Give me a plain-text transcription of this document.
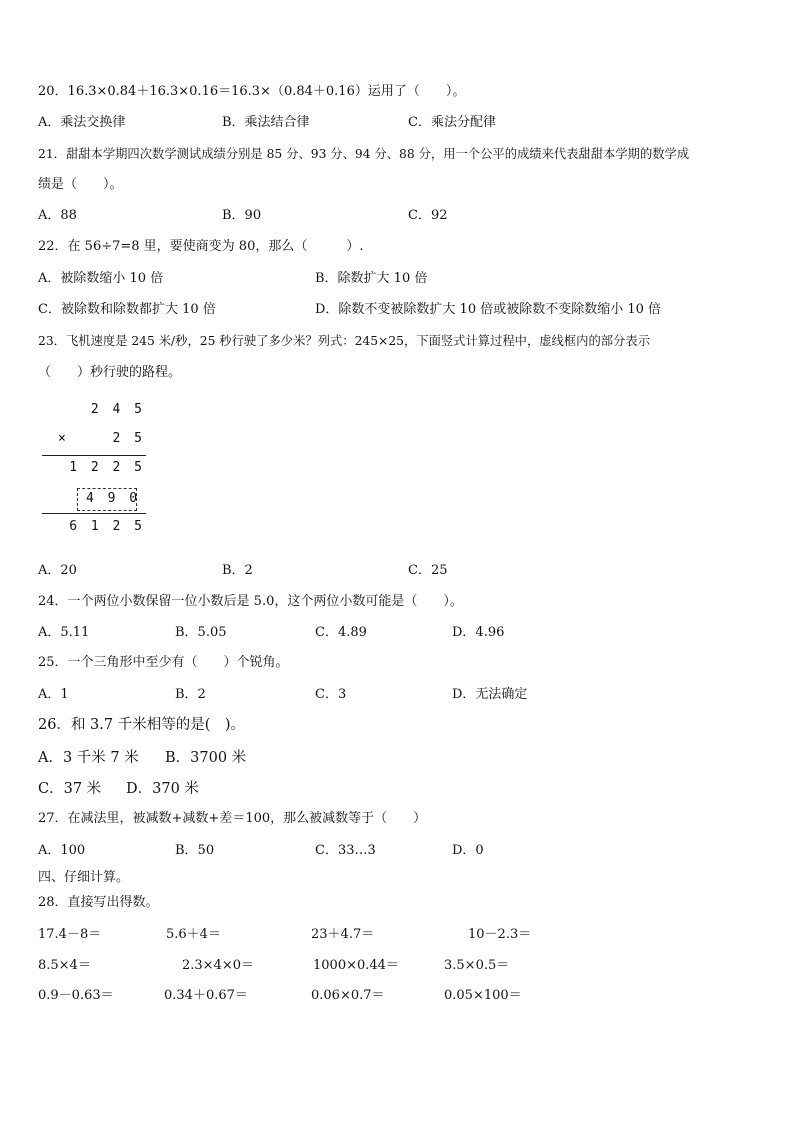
20．16.3×0.84＋16.3×0.16＝16.3×（0.84＋0.16）运用了（　　）。
A．乘法交换律	B．乘法结合律	C．乘法分配律
21．甜甜本学期四次数学测试成绩分别是 85 分、93 分、94 分、88 分，用一个公平的成绩来代表甜甜本学期的数学成
绩是（　　）。
A．88	B．90	C．92
22．在 56÷7=8 里，要使商变为 80，那么（　　　）.
A．被除数缩小 10 倍	B．除数扩大 10 倍
C．被除数和除数都扩大 10 倍	D．除数不变被除数扩大 10 倍或被除数不变除数缩小 10 倍
23．飞机速度是 245 米/秒，25 秒行驶了多少米？列式：245×25，下面竖式计算过程中，虚线框内的部分表示
（　　）秒行驶的路程。
2 4 5
×	2 5
1 2 2 5
4 9 0
6 1 2 5
A．20	B．2	C．25
24．一个两位小数保留一位小数后是 5.0，这个两位小数可能是（　　）。
A．5.11	B．5.05	C．4.89	D．4.96
25．一个三角形中至少有（　　）个锐角。
A．1	B．2	C．3	D．无法确定
26．和 3.7 千米相等的是(　)。
A．3 千米 7 米 B．3700 米
C．37 米 D．370 米
27．在减法里，被减数+减数+差＝100，那么被减数等于（　　）
A．100	B．50	C．33…3	D．0
四、仔细计算。
28．直接写出得数。
17.4－8＝	5.6＋4＝	23＋4.7＝	10－2.3＝
8.5×4＝	2.3×4×0＝	1000×0.44＝	3.5×0.5＝
0.9－0.63＝	0.34＋0.67＝	0.06×0.7＝	0.05×100＝
